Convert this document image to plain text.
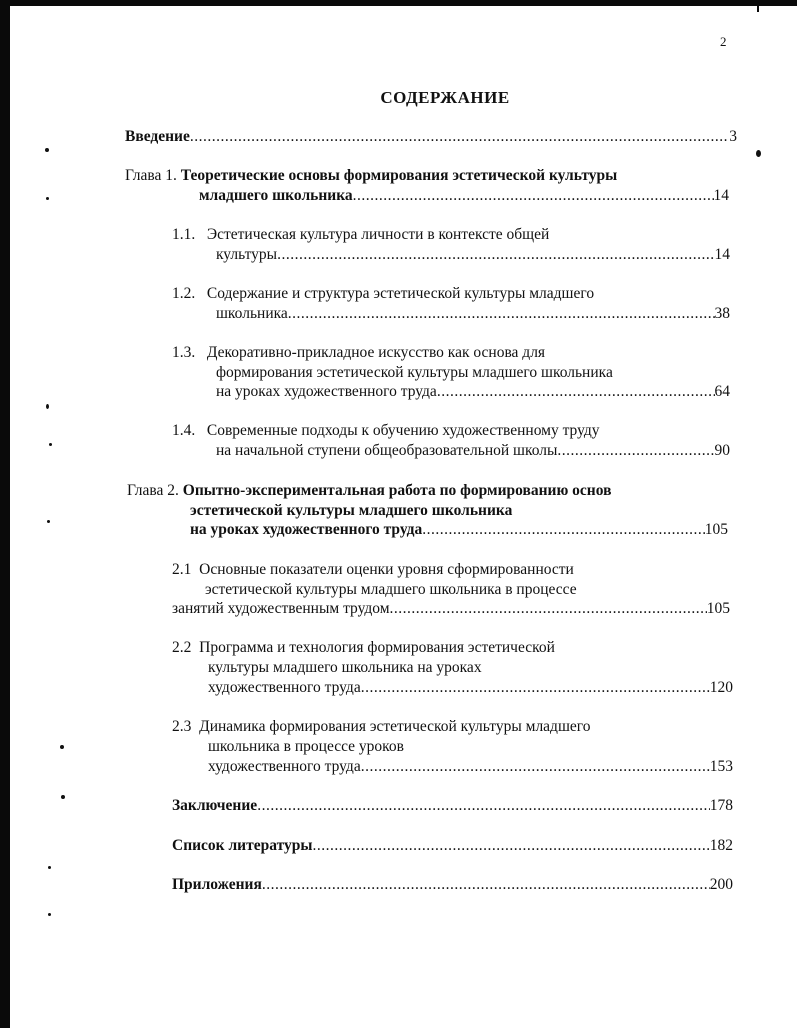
2
СОДЕРЖАНИЕ
Введение .....	3
Глава 1. Теоретические основы формирования эстетической культуры
младшего школьника .....	14
1.1. Эстетическая культура личности в контексте общей
культуры .....	14
1.2. Содержание и структура эстетической культуры младшего
школьника .....	38
1.3. Декоративно-прикладное искусство как основа для
формирования эстетической культуры младшего школьника
на уроках художественного труда .....	64
1.4. Современные подходы к обучению художественному труду
на начальной ступени общеобразовательной школы .....	90
Глава 2. Опытно-экспериментальная работа по формированию основ
эстетической культуры младшего школьника
на уроках художественного труда .....	105
2.1 Основные показатели оценки уровня сформированности
эстетической культуры младшего школьника в процессе
занятий художественным трудом .....	105
2.2 Программа и технология формирования эстетической
культуры младшего школьника на уроках
художественного труда .....	120
2.3 Динамика формирования эстетической культуры младшего
школьника в процессе уроков
художественного труда .....	153
Заключение .....	178
Список литературы .....	182
Приложения .....	200
